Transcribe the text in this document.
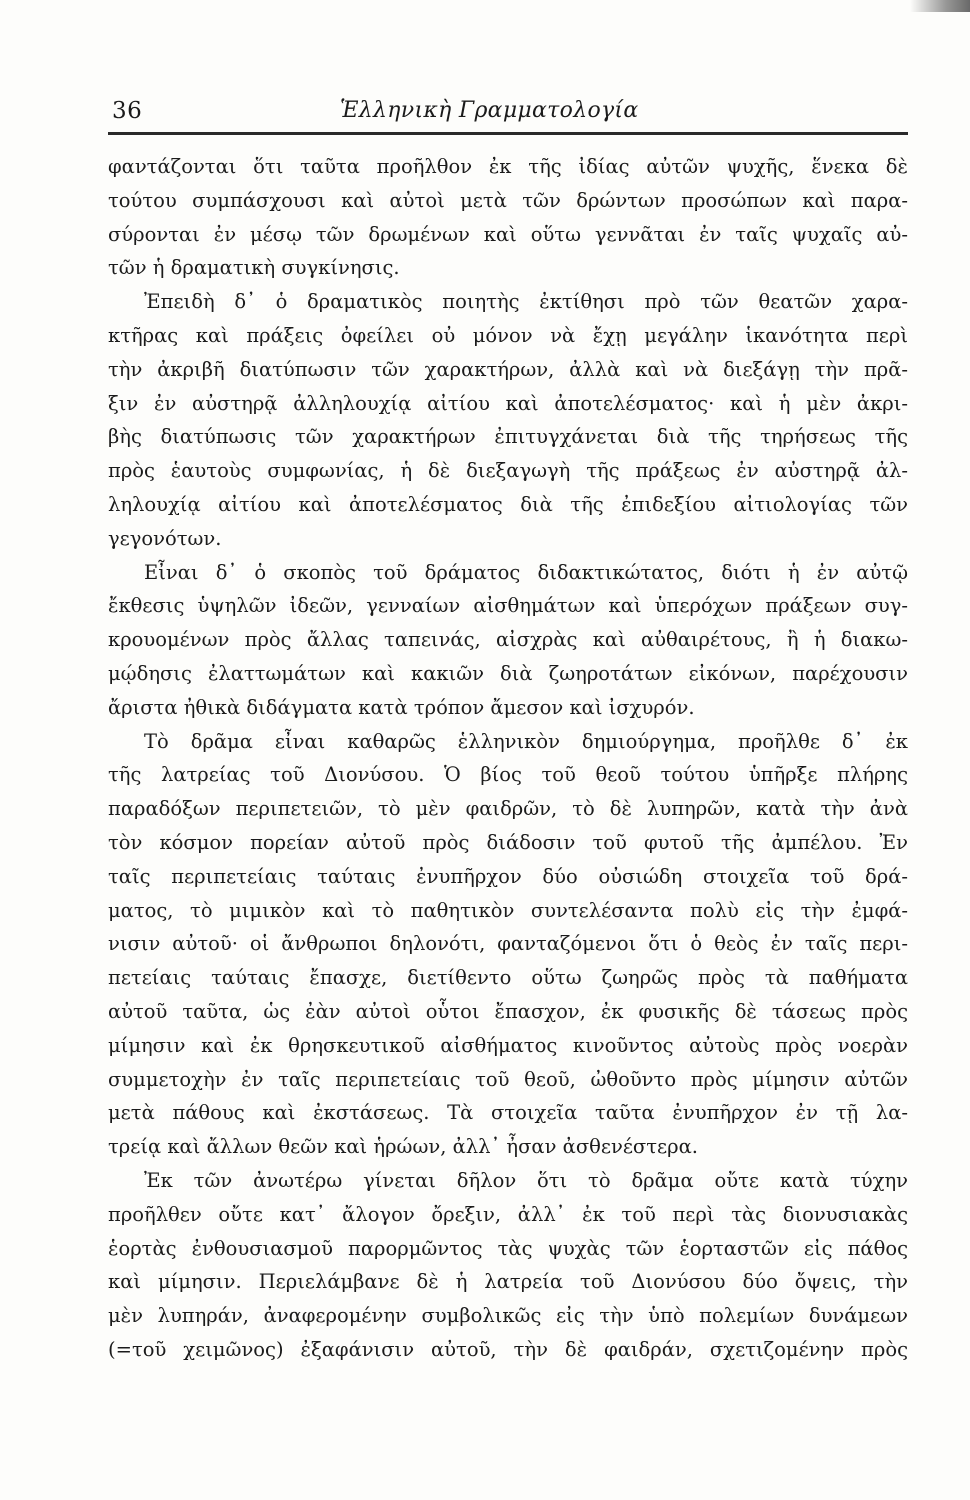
36	Ἑλληνικὴ Γραμματολογία
φαντάζονται ὅτι ταῦτα προῆλθον ἐκ τῆς ἰδίας αὐτῶν ψυχῆς, ἕνεκα δὲ
τούτου συμπάσχουσι καὶ αὐτοὶ μετὰ τῶν δρώντων προσώπων καὶ παρα-
σύρονται ἐν μέσῳ τῶν δρωμένων καὶ οὕτω γεννᾶται ἐν ταῖς ψυχαῖς αὐ-
τῶν ἡ δραματικὴ συγκίνησις.
Ἐπειδὴ δ᾽ ὁ δραματικὸς ποιητὴς ἐκτίθησι πρὸ τῶν θεατῶν χαρα-
κτῆρας καὶ πράξεις ὀφείλει οὐ μόνον νὰ ἔχῃ μεγάλην ἱκανότητα περὶ
τὴν ἀκριβῆ διατύπωσιν τῶν χαρακτήρων, ἀλλὰ καὶ νὰ διεξάγῃ τὴν πρᾶ-
ξιν ἐν αὐστηρᾷ ἀλληλουχίᾳ αἰτίου καὶ ἀποτελέσματος· καὶ ἡ μὲν ἀκρι-
βὴς διατύπωσις τῶν χαρακτήρων ἐπιτυγχάνεται διὰ τῆς τηρήσεως τῆς
πρὸς ἑαυτοὺς συμφωνίας, ἡ δὲ διεξαγωγὴ τῆς πράξεως ἐν αὐστηρᾷ ἀλ-
ληλουχίᾳ αἰτίου καὶ ἀποτελέσματος διὰ τῆς ἐπιδεξίου αἰτιολογίας τῶν
γεγονότων.
Εἶναι δ᾽ ὁ σκοπὸς τοῦ δράματος διδακτικώτατος, διότι ἡ ἐν αὐτῷ
ἔκθεσις ὑψηλῶν ἰδεῶν, γενναίων αἰσθημάτων καὶ ὑπερόχων πράξεων συγ-
κρουομένων πρὸς ἄλλας ταπεινάς, αἰσχρὰς καὶ αὐθαιρέτους, ἢ ἡ διακω-
μῴδησις ἐλαττωμάτων καὶ κακιῶν διὰ ζωηροτάτων εἰκόνων, παρέχουσιν
ἄριστα ἠθικὰ διδάγματα κατὰ τρόπον ἄμεσον καὶ ἰσχυρόν.
Τὸ δρᾶμα εἶναι καθαρῶς ἑλληνικὸν δημιούργημα, προῆλθε δ᾽ ἐκ
τῆς λατρείας τοῦ Διονύσου. Ὁ βίος τοῦ θεοῦ τούτου ὑπῆρξε πλήρης
παραδόξων περιπετειῶν, τὸ μὲν φαιδρῶν, τὸ δὲ λυπηρῶν, κατὰ τὴν ἀνὰ
τὸν κόσμον πορείαν αὐτοῦ πρὸς διάδοσιν τοῦ φυτοῦ τῆς ἀμπέλου. Ἐν
ταῖς περιπετείαις ταύταις ἐνυπῆρχον δύο οὐσιώδη στοιχεῖα τοῦ δρά-
ματος, τὸ μιμικὸν καὶ τὸ παθητικὸν συντελέσαντα πολὺ εἰς τὴν ἐμφά-
νισιν αὐτοῦ· οἱ ἄνθρωποι δηλονότι, φανταζόμενοι ὅτι ὁ θεὸς ἐν ταῖς περι-
πετείαις ταύταις ἔπασχε, διετίθεντο οὕτω ζωηρῶς πρὸς τὰ παθήματα
αὐτοῦ ταῦτα, ὡς ἐὰν αὐτοὶ οὗτοι ἔπασχον, ἐκ φυσικῆς δὲ τάσεως πρὸς
μίμησιν καὶ ἐκ θρησκευτικοῦ αἰσθήματος κινοῦντος αὐτοὺς πρὸς νοερὰν
συμμετοχὴν ἐν ταῖς περιπετείαις τοῦ θεοῦ, ὠθοῦντο πρὸς μίμησιν αὐτῶν
μετὰ πάθους καὶ ἐκστάσεως. Τὰ στοιχεῖα ταῦτα ἐνυπῆρχον ἐν τῇ λα-
τρείᾳ καὶ ἄλλων θεῶν καὶ ἡρώων, ἀλλ᾽ ἦσαν ἀσθενέστερα.
Ἐκ τῶν ἀνωτέρω γίνεται δῆλον ὅτι τὸ δρᾶμα οὔτε κατὰ τύχην
προῆλθεν οὔτε κατ᾽ ἄλογον ὄρεξιν, ἀλλ᾽ ἐκ τοῦ περὶ τὰς διονυσιακὰς
ἑορτὰς ἐνθουσιασμοῦ παρορμῶντος τὰς ψυχὰς τῶν ἑορταστῶν εἰς πάθος
καὶ μίμησιν. Περιελάμβανε δὲ ἡ λατρεία τοῦ Διονύσου δύο ὄψεις, τὴν
μὲν λυπηράν, ἀναφερομένην συμβολικῶς εἰς τὴν ὑπὸ πολεμίων δυνάμεων
(=τοῦ χειμῶνος) ἐξαφάνισιν αὐτοῦ, τὴν δὲ φαιδράν, σχετιζομένην πρὸς
